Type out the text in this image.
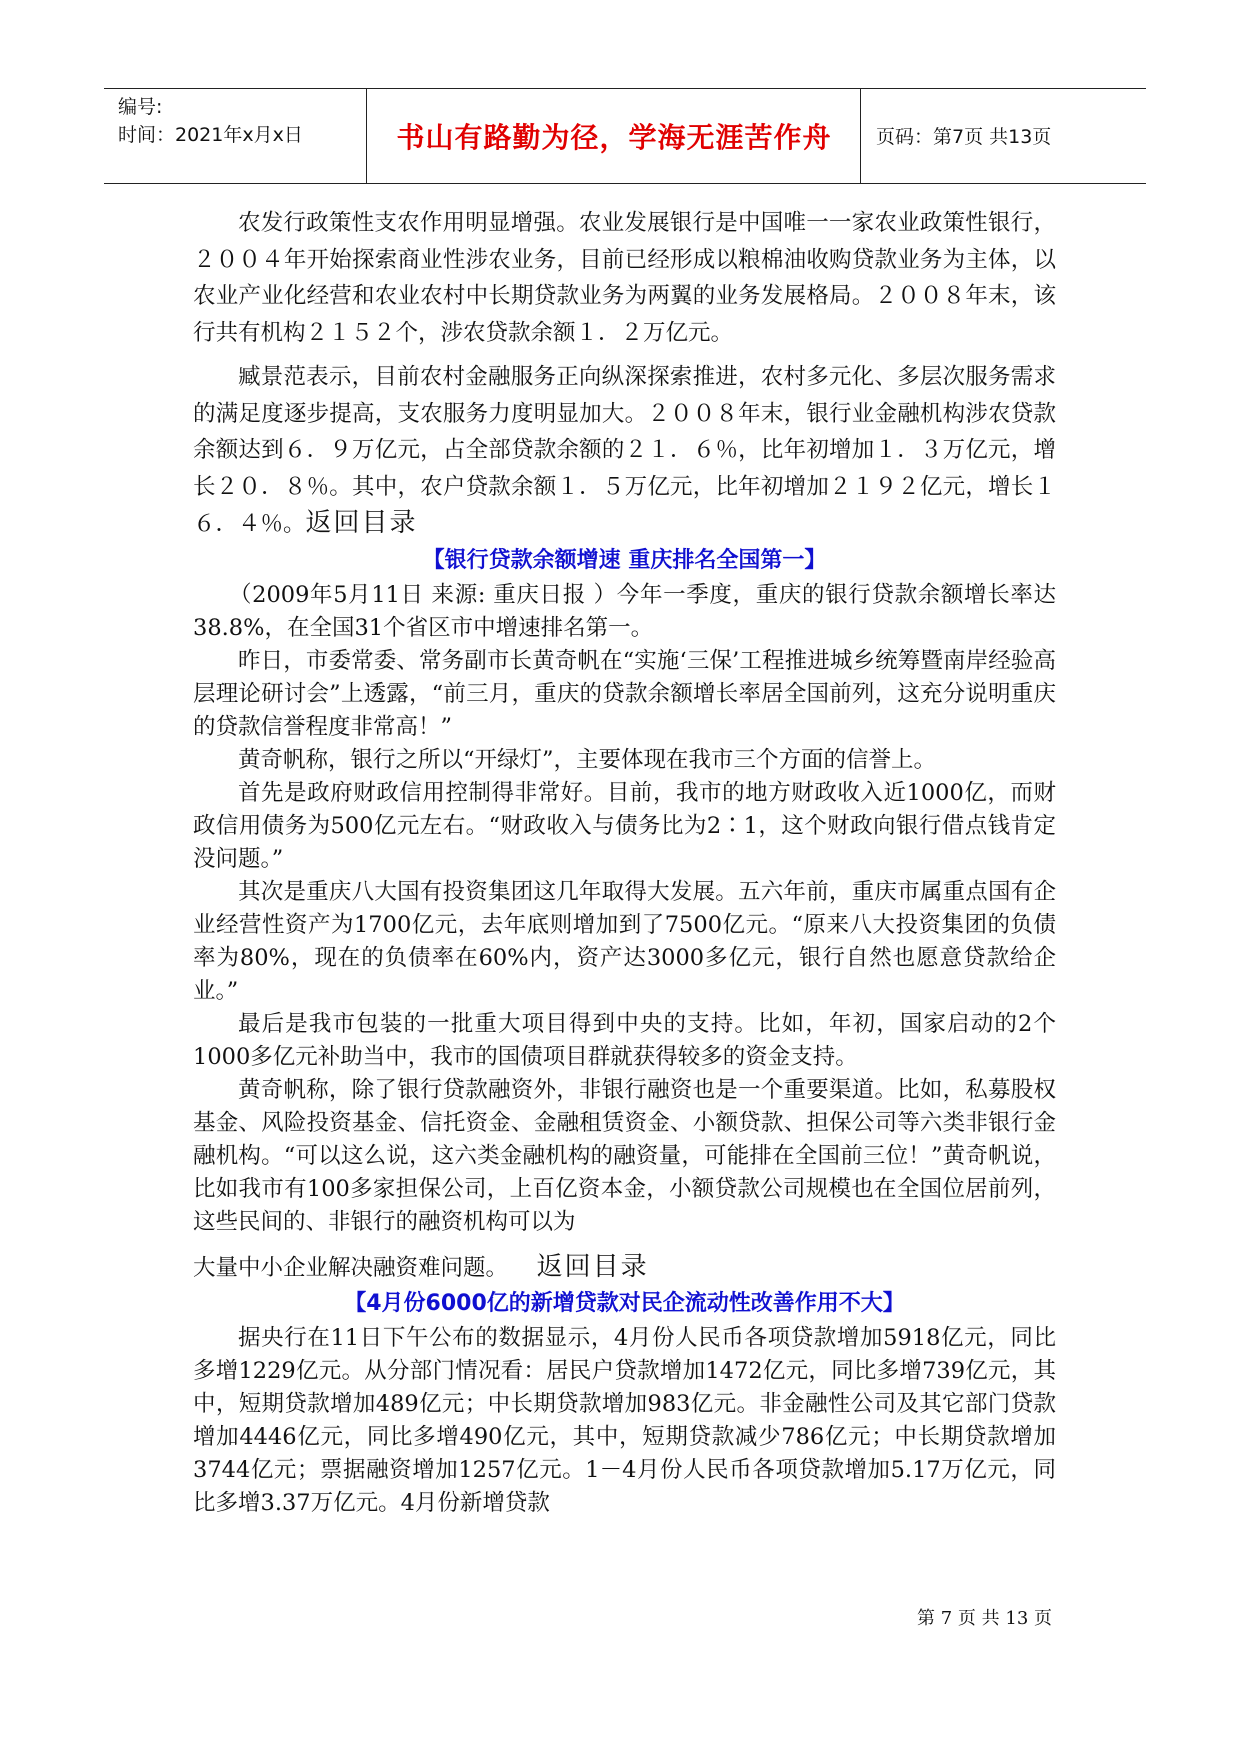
编号:
时间：2021年x月x日	书山有路勤为径，学海无涯苦作舟	页码：第7页 共13页

农发行政策性支农作用明显增强。农业发展银行是中国唯一一家农业政策性银行，２００４年开始探索商业性涉农业务，目前已经形成以粮棉油收购贷款业务为主体，以农业产业化经营和农业农村中长期贷款业务为两翼的业务发展格局。２００８年末，该行共有机构２１５２个，涉农贷款余额１．２万亿元。

臧景范表示，目前农村金融服务正向纵深探索推进，农村多元化、多层次服务需求的满足度逐步提高，支农服务力度明显加大。２００８年末，银行业金融机构涉农贷款余额达到６．９万亿元，占全部贷款余额的２１．６％，比年初增加１．３万亿元，增长２０．８％。其中，农户贷款余额１．５万亿元，比年初增加２１９２亿元，增长１６．４％。返回目录

【银行贷款余额增速 重庆排名全国第一】

（2009年5月11日 来源: 重庆日报 ）今年一季度，重庆的银行贷款余额增长率达38.8%，在全国31个省区市中增速排名第一。

昨日，市委常委、常务副市长黄奇帆在“实施‘三保’工程推进城乡统筹暨南岸经验高层理论研讨会”上透露，“前三月，重庆的贷款余额增长率居全国前列，这充分说明重庆的贷款信誉程度非常高！”

黄奇帆称，银行之所以“开绿灯”，主要体现在我市三个方面的信誉上。

首先是政府财政信用控制得非常好。目前，我市的地方财政收入近1000亿，而财政信用债务为500亿元左右。“财政收入与债务比为2∶1，这个财政向银行借点钱肯定没问题。”

其次是重庆八大国有投资集团这几年取得大发展。五六年前，重庆市属重点国有企业经营性资产为1700亿元，去年底则增加到了7500亿元。“原来八大投资集团的负债率为80%，现在的负债率在60%内，资产达3000多亿元，银行自然也愿意贷款给企业。”

最后是我市包装的一批重大项目得到中央的支持。比如，年初，国家启动的2个1000多亿元补助当中，我市的国债项目群就获得较多的资金支持。

黄奇帆称，除了银行贷款融资外，非银行融资也是一个重要渠道。比如，私募股权基金、风险投资基金、信托资金、金融租赁资金、小额贷款、担保公司等六类非银行金融机构。“可以这么说，这六类金融机构的融资量，可能排在全国前三位！”黄奇帆说，比如我市有100多家担保公司，上百亿资本金，小额贷款公司规模也在全国位居前列，这些民间的、非银行的融资机构可以为

大量中小企业解决融资难问题。 返回目录

【4月份6000亿的新增贷款对民企流动性改善作用不大】

据央行在11日下午公布的数据显示，4月份人民币各项贷款增加5918亿元，同比多增1229亿元。从分部门情况看：居民户贷款增加1472亿元，同比多增739亿元，其中，短期贷款增加489亿元；中长期贷款增加983亿元。非金融性公司及其它部门贷款增加4446亿元，同比多增490亿元，其中，短期贷款减少786亿元；中长期贷款增加3744亿元；票据融资增加1257亿元。1－4月份人民币各项贷款增加5.17万亿元，同比多增3.37万亿元。4月份新增贷款

第 7 页 共 13 页
